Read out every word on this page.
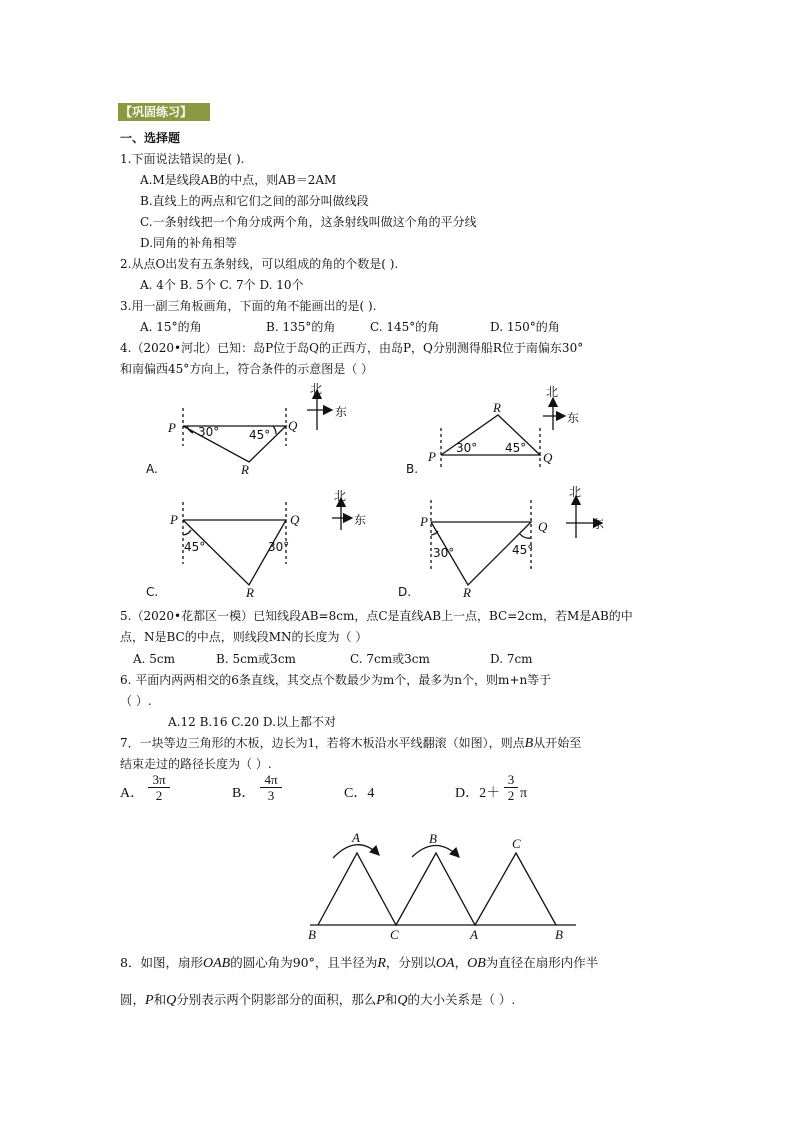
【巩固练习】
一、选择题
1.下面说法错误的是( ).
A.M是线段AB的中点，则AB＝2AM
B.直线上的两点和它们之间的部分叫做线段
C.一条射线把一个角分成两个角，这条射线叫做这个角的平分线
D.同角的补角相等
2.从点O出发有五条射线，可以组成的角的个数是( ).
A. 4个 B. 5个 C. 7个 D. 10个
3.用一副三角板画角，下面的角不能画出的是( ).
A. 15°的角	B. 135°的角	C. 145°的角	D. 150°的角
4.（2020•河北）已知：岛P位于岛Q的正西方，由岛P，Q分别测得船R位于南偏东30°
和南偏西45°方向上，符合条件的示意图是（ ）
P	Q
R
30° 45°
北
东
A.
P	Q
R
30° 45°
北
东
B.
P	Q
R
45°	30°
北
东
C.
P	Q
R
30°	45°
北
东
D.
A	B	C
B	C	A	B
5.（2020•花都区一模）已知线段AB=8cm，点C是直线AB上一点，BC=2cm，若M是AB的中
点，N是BC的中点，则线段MN的长度为（ ）
A. 5cm	B. 5cm或3cm	C. 7cm或3cm	D. 7cm
6. 平面内两两相交的6条直线，其交点个数最少为m个，最多为n个，则m+n等于
（ ）.
A.12 B.16 C.20 D.以上都不对
7．一块等边三角形的木板，边长为1，若将木板沿水平线翻滚（如图），则点B从开始至
结束走过的路径长度为（ ）.
A． $\frac{3\pi}{2}$	B． $\frac{4\pi}{3}$	C．4	D．$2+ \frac{3}{2}$ π
8．如图，扇形OAB的圆心角为90°，且半径为R，分别以OA，OB为直径在扇形内作半
圆，P和Q分别表示两个阴影部分的面积，那么P和Q的大小关系是（ ）.
